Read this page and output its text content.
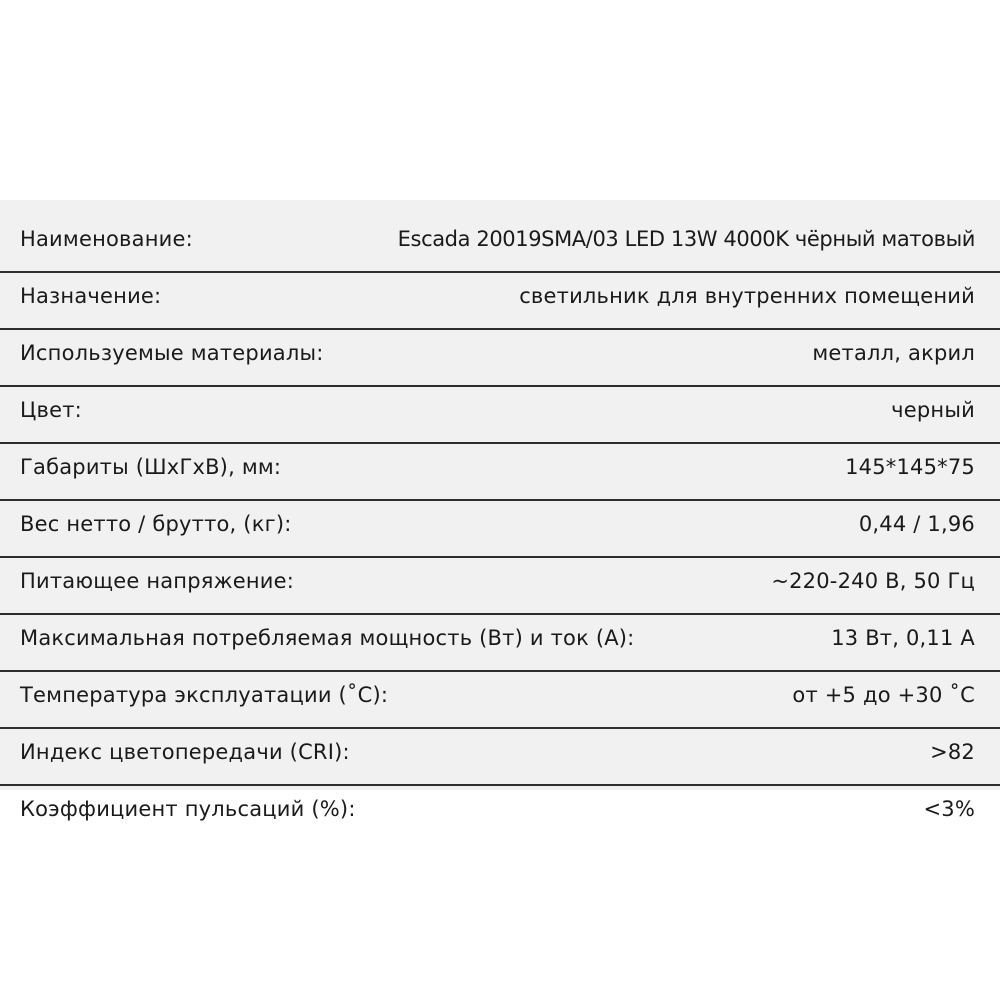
Наименование:	Escada 20019SMA/03 LED 13W 4000K чёрный матовый
Назначение:	светильник для внутренних помещений
Используемые материалы:	металл, акрил
Цвет:	черный
Габариты (ШхГхВ), мм:	145*145*75
Вес нетто / брутто, (кг):	0,44 / 1,96
Питающее напряжение:	~220-240 В, 50 Гц
Максимальная потребляемая мощность (Вт) и ток (А):	13 Вт, 0,11 А
Температура эксплуатации (˚С):	от +5 до +30 ˚С
Индекс цветопередачи (CRI):	>82
Коэффициент пульсаций (%):	<3%
